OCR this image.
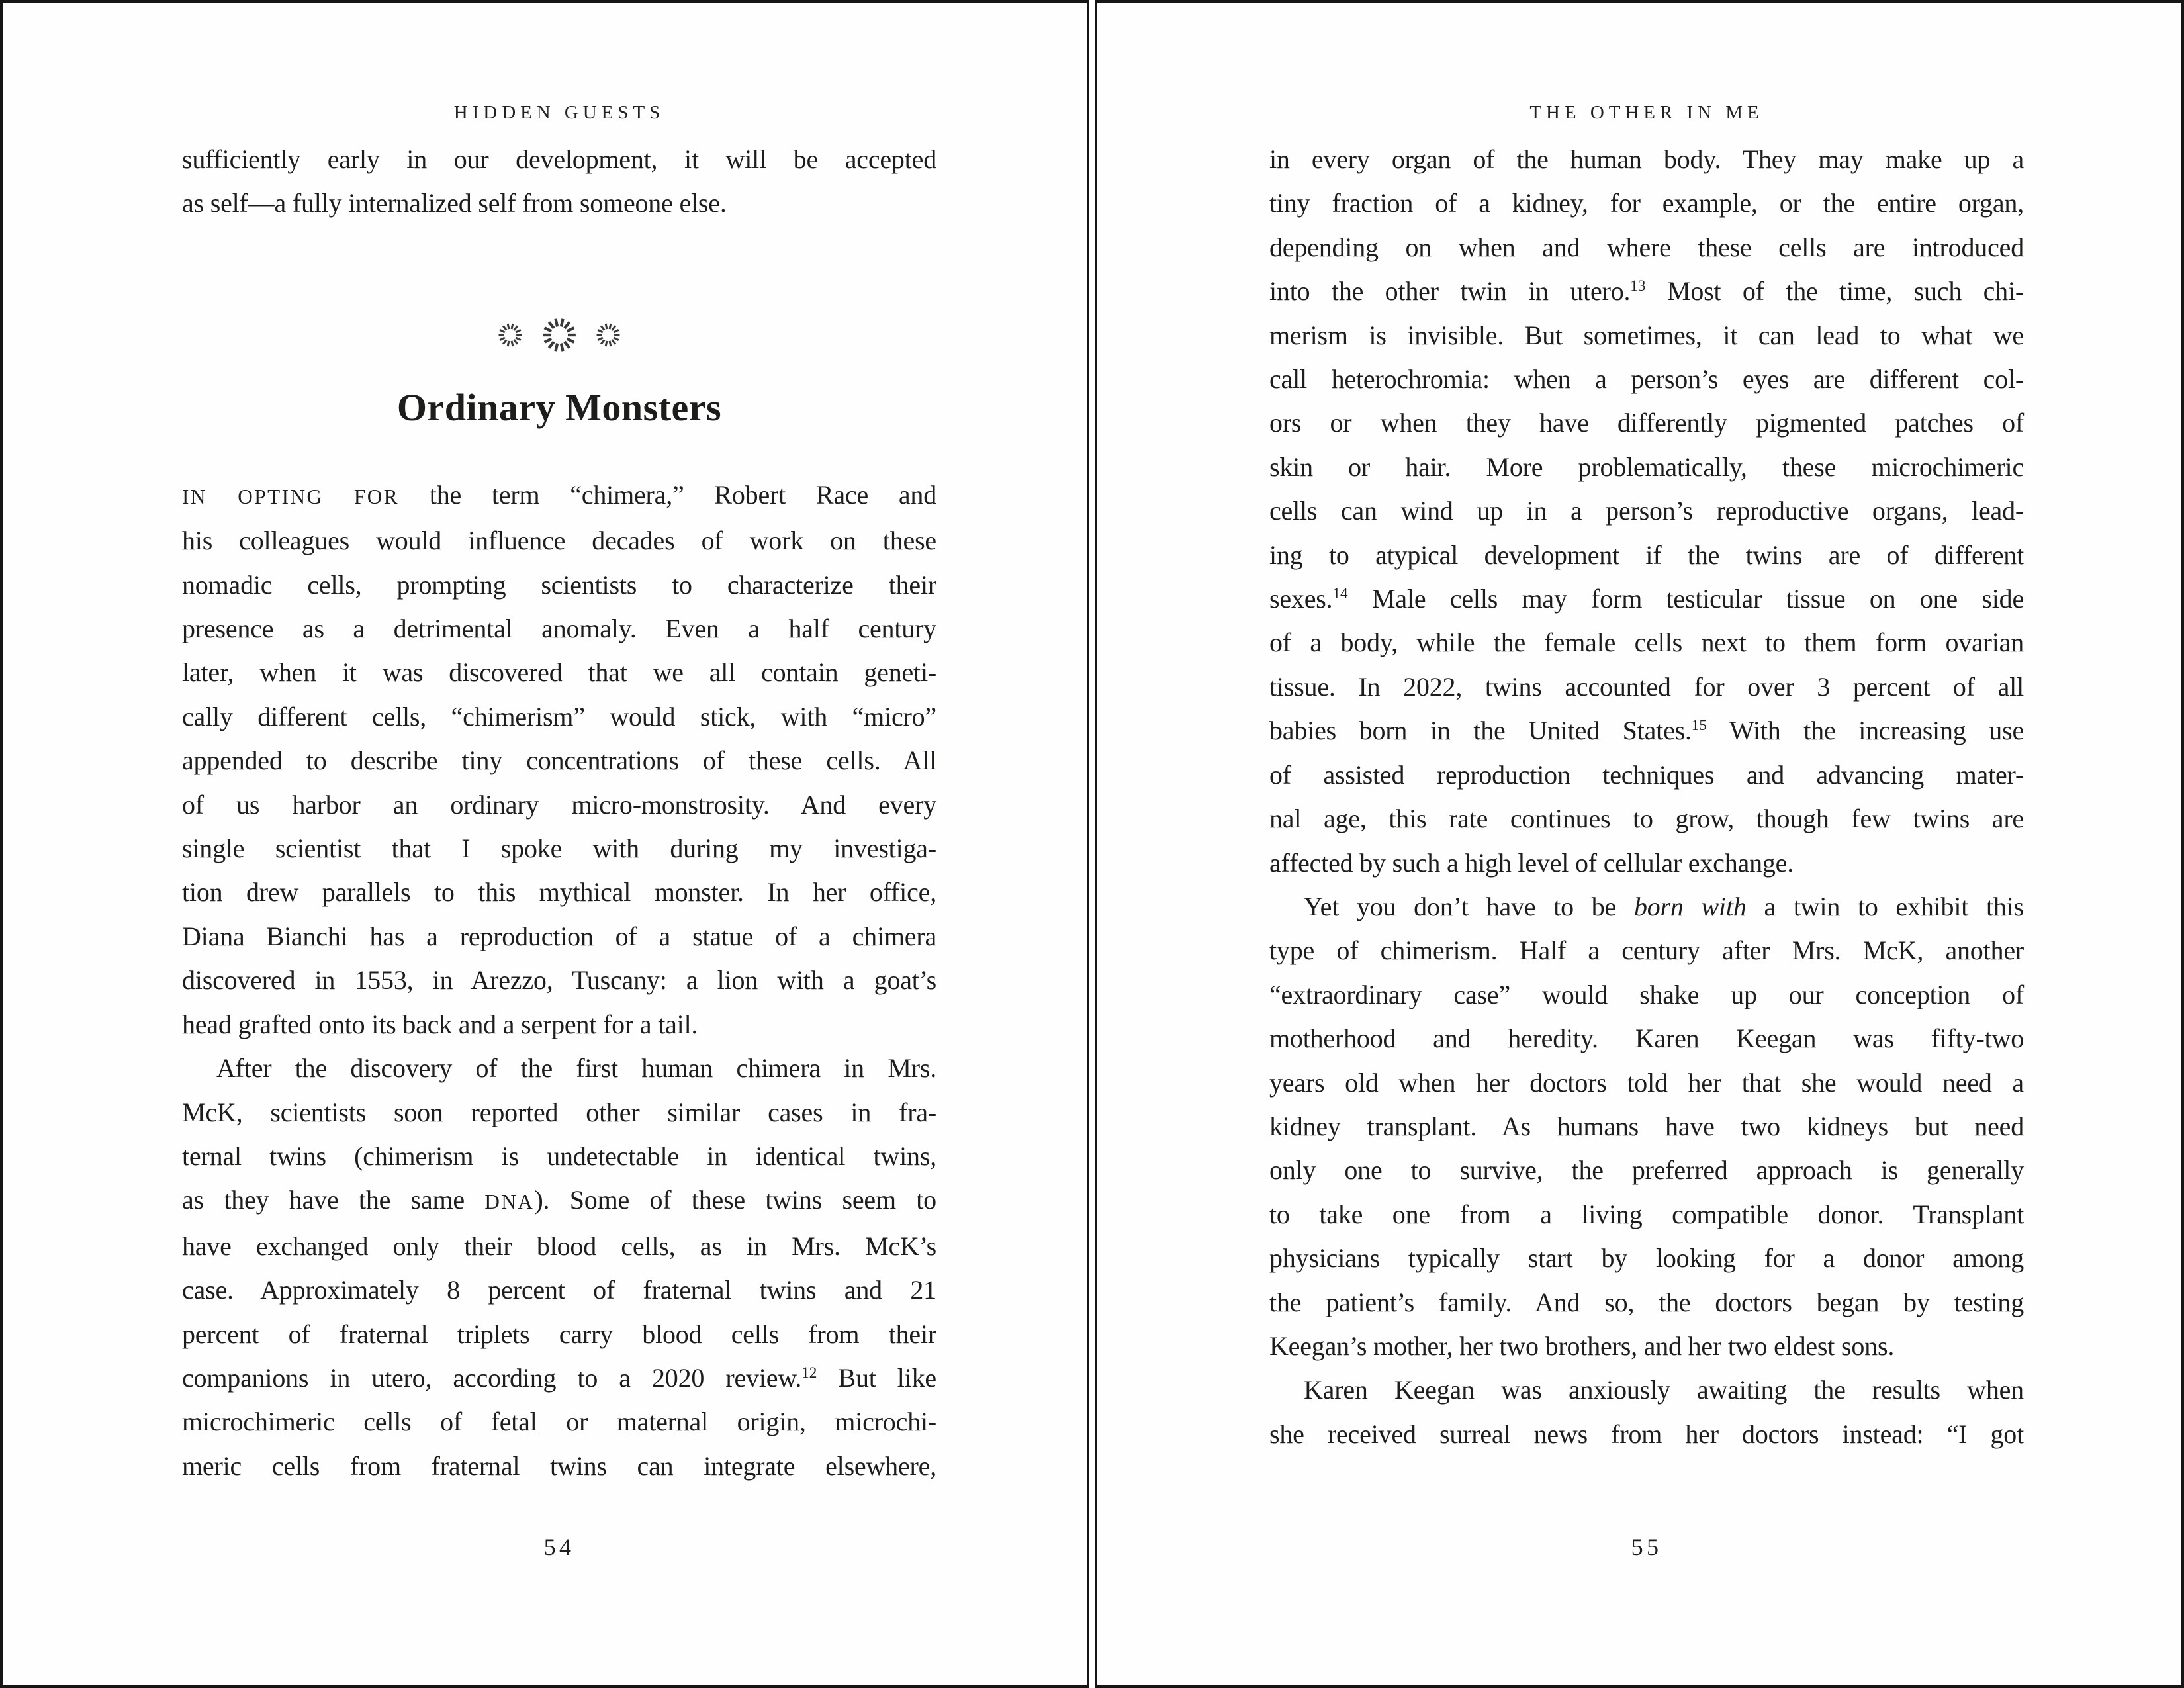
HIDDEN GUESTS
sufficiently early in our development, it will be accepted
as self—a fully internalized self from someone else.
Ordinary Monsters
IN OPTING FOR the term “chimera,” Robert Race and
his colleagues would influence decades of work on these
nomadic cells, prompting scientists to characterize their
presence as a detrimental anomaly. Even a half century
later, when it was discovered that we all contain geneti-
cally different cells, “chimerism” would stick, with “micro”
appended to describe tiny concentrations of these cells. All
of us harbor an ordinary micro-monstrosity. And every
single scientist that I spoke with during my investiga-
tion drew parallels to this mythical monster. In her office,
Diana Bianchi has a reproduction of a statue of a chimera
discovered in 1553, in Arezzo, Tuscany: a lion with a goat’s
head grafted onto its back and a serpent for a tail.
After the discovery of the first human chimera in Mrs.
McK, scientists soon reported other similar cases in fra-
ternal twins (chimerism is undetectable in identical twins,
as they have the same DNA). Some of these twins seem to
have exchanged only their blood cells, as in Mrs. McK’s
case. Approximately 8 percent of fraternal twins and 21
percent of fraternal triplets carry blood cells from their
companions in utero, according to a 2020 review.$^{12}$ But like
microchimeric cells of fetal or maternal origin, microchi-
meric cells from fraternal twins can integrate elsewhere,
54
THE OTHER IN ME
in every organ of the human body. They may make up a
tiny fraction of a kidney, for example, or the entire organ,
depending on when and where these cells are introduced
into the other twin in utero.$^{13}$ Most of the time, such chi-
merism is invisible. But sometimes, it can lead to what we
call heterochromia: when a person’s eyes are different col-
ors or when they have differently pigmented patches of
skin or hair. More problematically, these microchimeric
cells can wind up in a person’s reproductive organs, lead-
ing to atypical development if the twins are of different
sexes.$^{14}$ Male cells may form testicular tissue on one side
of a body, while the female cells next to them form ovarian
tissue. In 2022, twins accounted for over 3 percent of all
babies born in the United States.$^{15}$ With the increasing use
of assisted reproduction techniques and advancing mater-
nal age, this rate continues to grow, though few twins are
affected by such a high level of cellular exchange.
Yet you don’t have to be born with a twin to exhibit this
type of chimerism. Half a century after Mrs. McK, another
“extraordinary case” would shake up our conception of
motherhood and heredity. Karen Keegan was fifty-two
years old when her doctors told her that she would need a
kidney transplant. As humans have two kidneys but need
only one to survive, the preferred approach is generally
to take one from a living compatible donor. Transplant
physicians typically start by looking for a donor among
the patient’s family. And so, the doctors began by testing
Keegan’s mother, her two brothers, and her two eldest sons.
Karen Keegan was anxiously awaiting the results when
she received surreal news from her doctors instead: “I got
55
